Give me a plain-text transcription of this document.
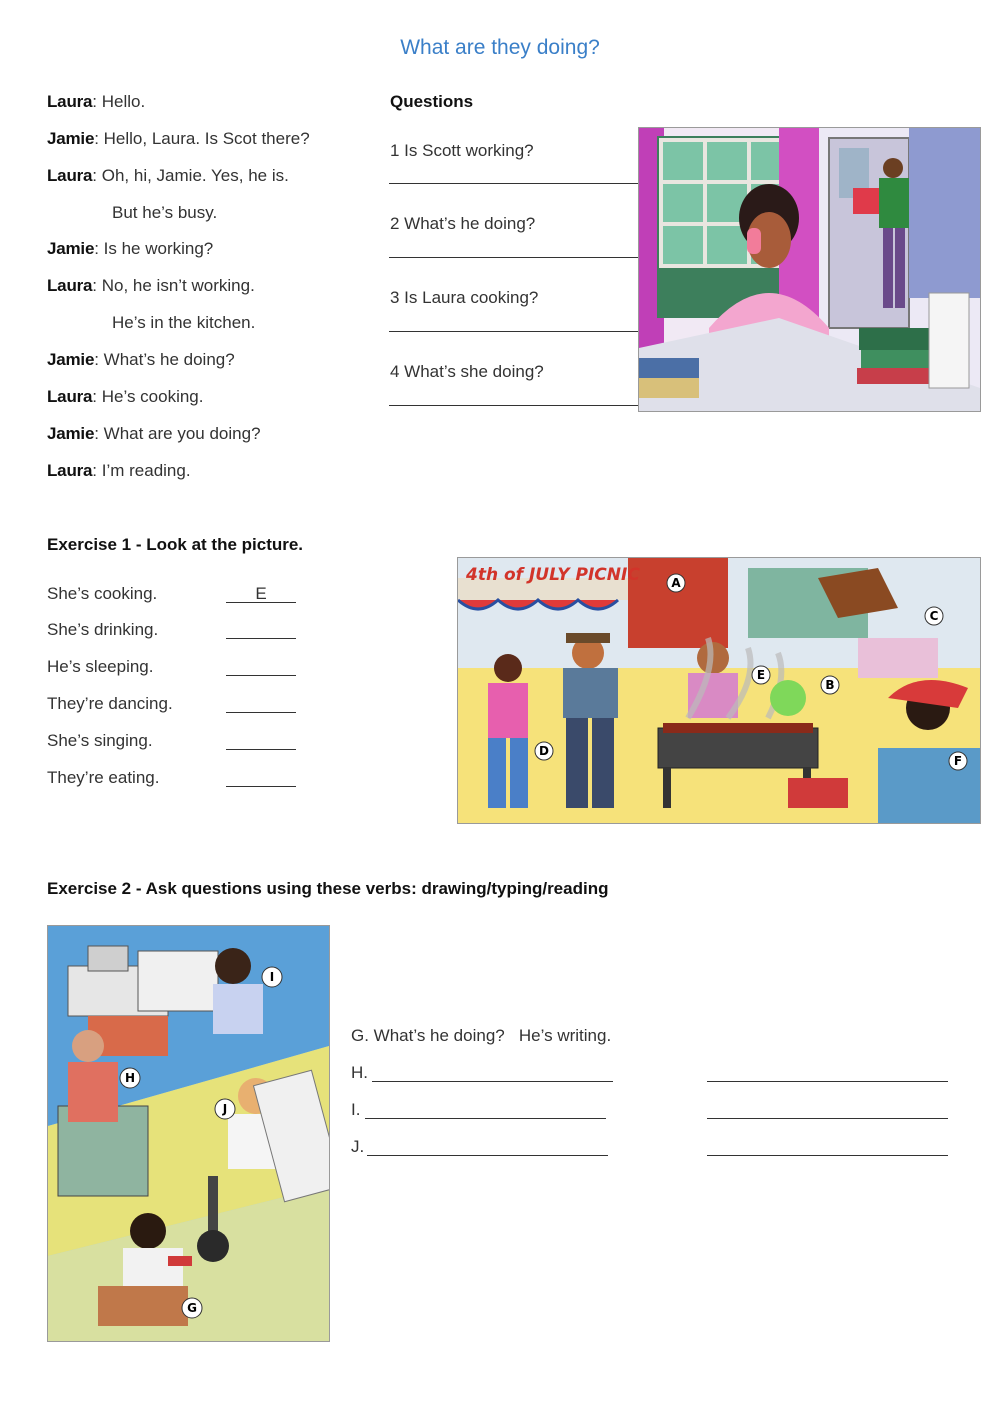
What are they doing?
Laura: Hello.
Jamie: Hello, Laura. Is Scot there?
Laura: Oh, hi, Jamie. Yes, he is.
But he’s busy.
Jamie: Is he working?
Laura: No, he isn’t working.
He’s in the kitchen.
Jamie: What’s he doing?
Laura: He’s cooking.
Jamie: What are you doing?
Laura: I’m reading.
Questions
1 Is Scott working?
2 What’s he doing?
3 Is Laura cooking?
4 What’s she doing?
Exercise 1 - Look at the picture.
She’s cooking.	E
She’s drinking.
He’s sleeping.
They’re dancing.
She’s singing.
They’re eating.
4th of JULY PICNIC	A
B
C
D
E
F
Exercise 2 - Ask questions using these verbs: drawing/typing/reading
G
H
I
J
G. What’s he doing? He’s writing.
H.
I.
J.
